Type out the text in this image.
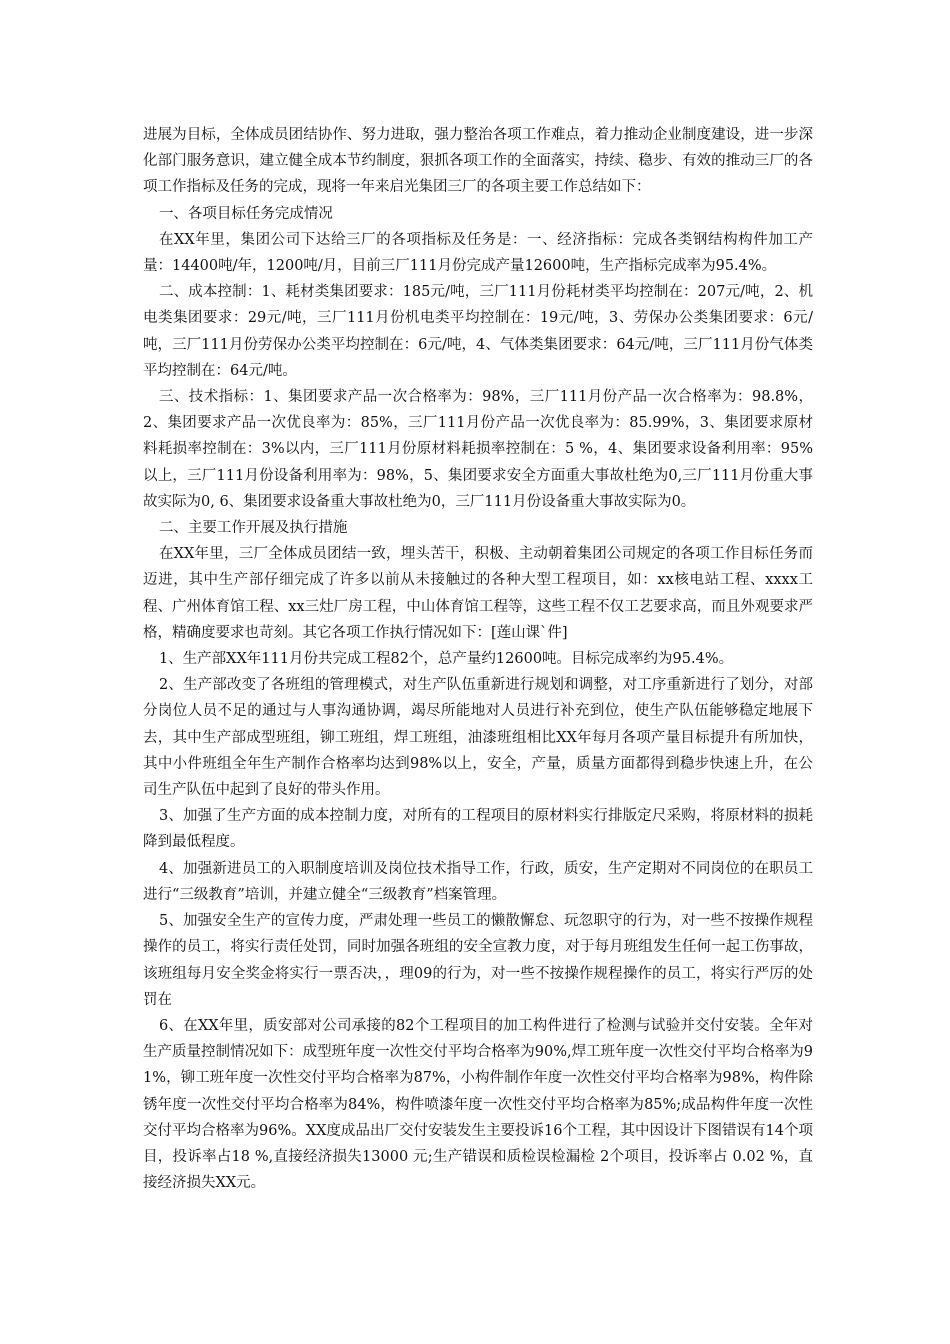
进展为目标，全体成员团结协作、努力进取，强力整治各项工作难点，着力推动企业制度建设，进一步深化部门服务意识，建立健全成本节约制度，狠抓各项工作的全面落实，持续、稳步、有效的推动三厂的各项工作指标及任务的完成，现将一年来启光集团三厂的各项主要工作总结如下：

一、各项目标任务完成情况

在XX年里，集团公司下达给三厂的各项指标及任务是：一、经济指标：完成各类钢结构构件加工产量：14400吨/年，1200吨/月，目前三厂111月份完成产量12600吨，生产指标完成率为95.4%。

二、成本控制：1、耗材类集团要求：185元/吨，三厂111月份耗材类平均控制在：207元/吨，2、机电类集团要求：29元/吨，三厂111月份机电类平均控制在：19元/吨，3、劳保办公类集团要求：6元/吨，三厂111月份劳保办公类平均控制在：6元/吨，4、气体类集团要求：64元/吨，三厂111月份气体类平均控制在：64元/吨。

三、技术指标：1、集团要求产品一次合格率为：98%，三厂111月份产品一次合格率为：98.8%，2、集团要求产品一次优良率为：85%，三厂111月份产品一次优良率为：85.99%，3、集团要求原材料耗损率控制在：3%以内，三厂111月份原材料耗损率控制在：5 %，4、集团要求设备利用率：95%以上，三厂111月份设备利用率为：98%，5、集团要求安全方面重大事故杜绝为0,三厂111月份重大事故实际为0, 6、集团要求设备重大事故杜绝为0，三厂111月份设备重大事故实际为0。

二、主要工作开展及执行措施

在XX年里，三厂全体成员团结一致，埋头苦干，积极、主动朝着集团公司规定的各项工作目标任务而迈进，其中生产部仔细完成了许多以前从未接触过的各种大型工程项目，如：xx核电站工程、xxxx工程、广州体育馆工程、xx三灶厂房工程，中山体育馆工程等，这些工程不仅工艺要求高，而且外观要求严格，精确度要求也苛刻。其它各项工作执行情况如下：[莲山课`件]

1、生产部XX年111月份共完成工程82个，总产量约12600吨。目标完成率约为95.4%。

2、生产部改变了各班组的管理模式，对生产队伍重新进行规划和调整，对工序重新进行了划分，对部分岗位人员不足的通过与人事沟通协调，竭尽所能地对人员进行补充到位，使生产队伍能够稳定地展下去，其中生产部成型班组，铆工班组，焊工班组，油漆班组相比XX年每月各项产量目标提升有所加快，其中小件班组全年生产制作合格率均达到98%以上，安全，产量，质量方面都得到稳步快速上升，在公司生产队伍中起到了良好的带头作用。

3、加强了生产方面的成本控制力度，对所有的工程项目的原材料实行排版定尺采购，将原材料的损耗降到最低程度。

4、加强新进员工的入职制度培训及岗位技术指导工作，行政，质安，生产定期对不同岗位的在职员工进行“三级教育”培训，并建立健全“三级教育”档案管理。

5、加强安全生产的宣传力度，严肃处理一些员工的懒散懈怠、玩忽职守的行为，对一些不按操作规程操作的员工，将实行责任处罚，同时加强各班组的安全宣教力度，对于每月班组发生任何一起工伤事故，该班组每月安全奖金将实行一票否决，，理09的行为，对一些不按操作规程操作的员工，将实行严厉的处罚在

6、在XX年里，质安部对公司承接的82个工程项目的加工构件进行了检测与试验并交付安装。全年对生产质量控制情况如下：成型班年度一次性交付平均合格率为90%,焊工班年度一次性交付平均合格率为91%，铆工班年度一次性交付平均合格率为87%，小构件制作年度一次性交付平均合格率为98%，构件除锈年度一次性交付平均合格率为84%，构件喷漆年度一次性交付平均合格率为85%;成品构件年度一次性交付平均合格率为96%。XX度成品出厂交付安装发生主要投诉16个工程，其中因设计下图错误有14个项目，投诉率占18 %,直接经济损失13000 元;生产错误和质检误检漏检 2个项目，投诉率占 0.02 %，直接经济损失XX元。
